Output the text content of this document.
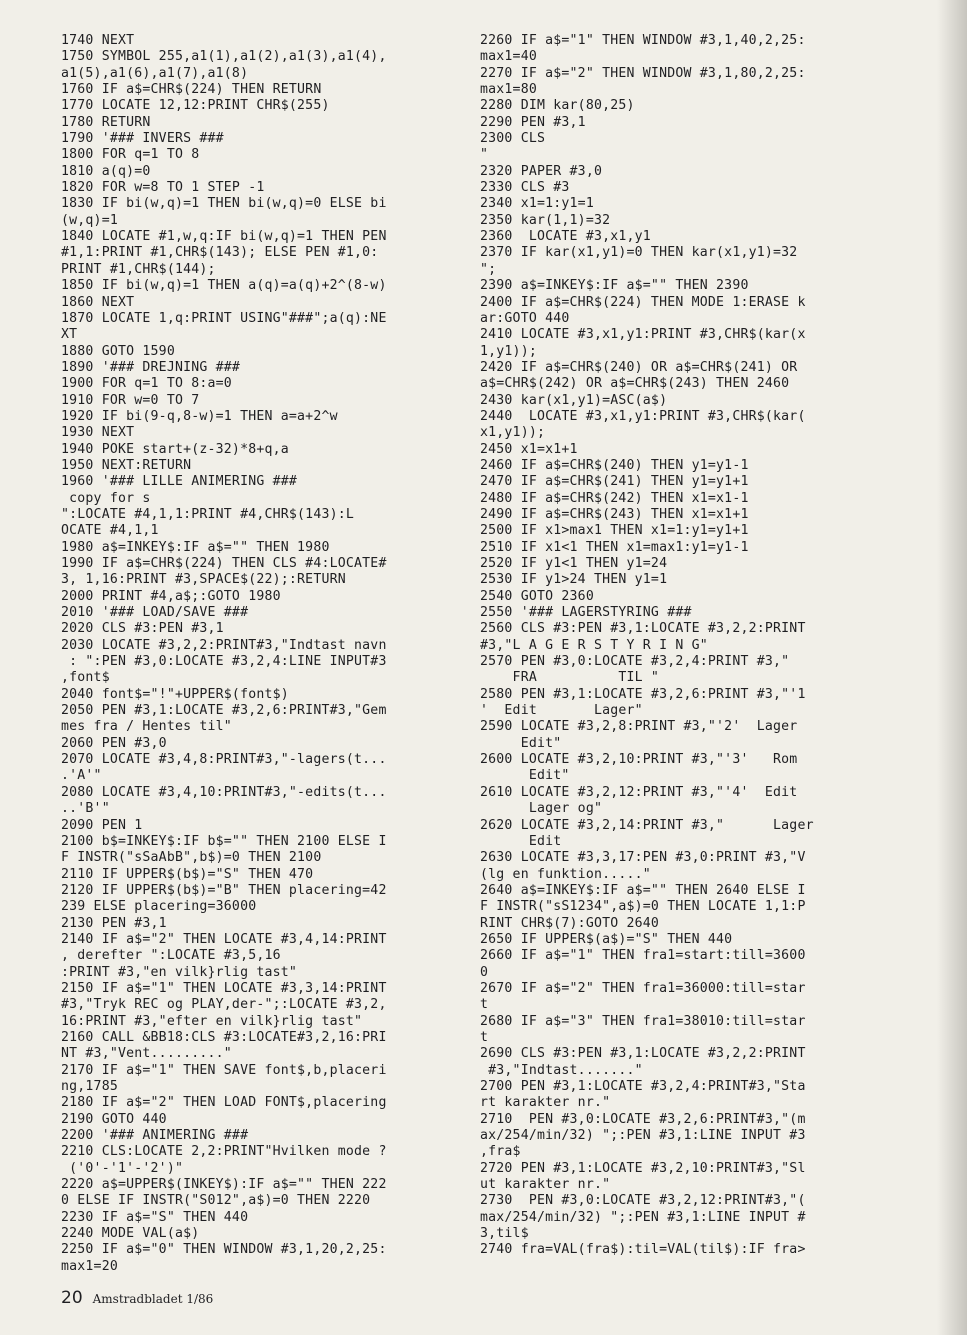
1740 NEXT
1750 SYMBOL 255,a1(1),a1(2),a1(3),a1(4),
a1(5),a1(6),a1(7),a1(8)
1760 IF a$=CHR$(224) THEN RETURN
1770 LOCATE 12,12:PRINT CHR$(255)
1780 RETURN
1790 '### INVERS ###
1800 FOR q=1 TO 8
1810 a(q)=0
1820 FOR w=8 TO 1 STEP -1
1830 IF bi(w,q)=1 THEN bi(w,q)=0 ELSE bi
(w,q)=1
1840 LOCATE #1,w,q:IF bi(w,q)=1 THEN PEN
#1,1:PRINT #1,CHR$(143); ELSE PEN #1,0:
PRINT #1,CHR$(144);
1850 IF bi(w,q)=1 THEN a(q)=a(q)+2^(8-w)
1860 NEXT
1870 LOCATE 1,q:PRINT USING"###";a(q):NE
XT
1880 GOTO 1590
1890 '### DREJNING ###
1900 FOR q=1 TO 8:a=0
1910 FOR w=0 TO 7
1920 IF bi(9-q,8-w)=1 THEN a=a+2^w
1930 NEXT
1940 POKE start+(z-32)*8+q,a
1950 NEXT:RETURN
1960 '### LILLE ANIMERING ###
copy for s
":LOCATE #4,1,1:PRINT #4,CHR$(143):L
OCATE #4,1,1
1980 a$=INKEY$:IF a$="" THEN 1980
1990 IF a$=CHR$(224) THEN CLS #4:LOCATE#
3, 1,16:PRINT #3,SPACE$(22);:RETURN
2000 PRINT #4,a$;:GOTO 1980
2010 '### LOAD/SAVE ###
2020 CLS #3:PEN #3,1
2030 LOCATE #3,2,2:PRINT#3,"Indtast navn
: ":PEN #3,0:LOCATE #3,2,4:LINE INPUT#3
,font$
2040 font$="!"+UPPER$(font$)
2050 PEN #3,1:LOCATE #3,2,6:PRINT#3,"Gem
mes fra / Hentes til"
2060 PEN #3,0
2070 LOCATE #3,4,8:PRINT#3,"-lagers(t...
.'A'"
2080 LOCATE #3,4,10:PRINT#3,"-edits(t...
..'B'"
2090 PEN 1
2100 b$=INKEY$:IF b$="" THEN 2100 ELSE I
F INSTR("sSaAbB",b$)=0 THEN 2100
2110 IF UPPER$(b$)="S" THEN 470
2120 IF UPPER$(b$)="B" THEN placering=42
239 ELSE placering=36000
2130 PEN #3,1
2140 IF a$="2" THEN LOCATE #3,4,14:PRINT
, derefter ":LOCATE #3,5,16
:PRINT #3,"en vilk}rlig tast"
2150 IF a$="1" THEN LOCATE #3,3,14:PRINT
#3,"Tryk REC og PLAY,der-";:LOCATE #3,2,
16:PRINT #3,"efter en vilk}rlig tast"
2160 CALL &BB18:CLS #3:LOCATE#3,2,16:PRI
NT #3,"Vent........."
2170 IF a$="1" THEN SAVE font$,b,placeri
ng,1785
2180 IF a$="2" THEN LOAD FONT$,placering
2190 GOTO 440
2200 '### ANIMERING ###
2210 CLS:LOCATE 2,2:PRINT"Hvilken mode ?
('0'-'1'-'2')"
2220 a$=UPPER$(INKEY$):IF a$="" THEN 222
0 ELSE IF INSTR("S012",a$)=0 THEN 2220
2230 IF a$="S" THEN 440
2240 MODE VAL(a$)
2250 IF a$="0" THEN WINDOW #3,1,20,2,25:
max1=20
2260 IF a$="1" THEN WINDOW #3,1,40,2,25:
max1=40
2270 IF a$="2" THEN WINDOW #3,1,80,2,25:
max1=80
2280 DIM kar(80,25)
2290 PEN #3,1
2300 CLS
"
2320 PAPER #3,0
2330 CLS #3
2340 x1=1:y1=1
2350 kar(1,1)=32
2360  LOCATE #3,x1,y1
2370 IF kar(x1,y1)=0 THEN kar(x1,y1)=32
";
2390 a$=INKEY$:IF a$="" THEN 2390
2400 IF a$=CHR$(224) THEN MODE 1:ERASE k
ar:GOTO 440
2410 LOCATE #3,x1,y1:PRINT #3,CHR$(kar(x
1,y1));
2420 IF a$=CHR$(240) OR a$=CHR$(241) OR
a$=CHR$(242) OR a$=CHR$(243) THEN 2460
2430 kar(x1,y1)=ASC(a$)
2440  LOCATE #3,x1,y1:PRINT #3,CHR$(kar(
x1,y1));
2450 x1=x1+1
2460 IF a$=CHR$(240) THEN y1=y1-1
2470 IF a$=CHR$(241) THEN y1=y1+1
2480 IF a$=CHR$(242) THEN x1=x1-1
2490 IF a$=CHR$(243) THEN x1=x1+1
2500 IF x1>max1 THEN x1=1:y1=y1+1
2510 IF x1<1 THEN x1=max1:y1=y1-1
2520 IF y1<1 THEN y1=24
2530 IF y1>24 THEN y1=1
2540 GOTO 2360
2550 '### LAGERSTYRING ###
2560 CLS #3:PEN #3,1:LOCATE #3,2,2:PRINT
#3,"L A G E R S T Y R I N G"
2570 PEN #3,0:LOCATE #3,2,4:PRINT #3,"
FRA          TIL "
2580 PEN #3,1:LOCATE #3,2,6:PRINT #3,"'1
'  Edit       Lager"
2590 LOCATE #3,2,8:PRINT #3,"'2'  Lager
Edit"
2600 LOCATE #3,2,10:PRINT #3,"'3'   Rom
Edit"
2610 LOCATE #3,2,12:PRINT #3,"'4'  Edit
Lager og"
2620 LOCATE #3,2,14:PRINT #3,"      Lager
Edit
2630 LOCATE #3,3,17:PEN #3,0:PRINT #3,"V
(lg en funktion....."
2640 a$=INKEY$:IF a$="" THEN 2640 ELSE I
F INSTR("sS1234",a$)=0 THEN LOCATE 1,1:P
RINT CHR$(7):GOTO 2640
2650 IF UPPER$(a$)="S" THEN 440
2660 IF a$="1" THEN fra1=start:till=3600
0
2670 IF a$="2" THEN fra1=36000:till=star
t
2680 IF a$="3" THEN fra1=38010:till=star
t
2690 CLS #3:PEN #3,1:LOCATE #3,2,2:PRINT
#3,"Indtast......."
2700 PEN #3,1:LOCATE #3,2,4:PRINT#3,"Sta
rt karakter nr."
2710  PEN #3,0:LOCATE #3,2,6:PRINT#3,"(m
ax/254/min/32) ";:PEN #3,1:LINE INPUT #3
,fra$
2720 PEN #3,1:LOCATE #3,2,10:PRINT#3,"Sl
ut karakter nr."
2730  PEN #3,0:LOCATE #3,2,12:PRINT#3,"(
max/254/min/32) ";:PEN #3,1:LINE INPUT #
3,til$
2740 fra=VAL(fra$):til=VAL(til$):IF fra>
20 Amstradbladet 1/86
